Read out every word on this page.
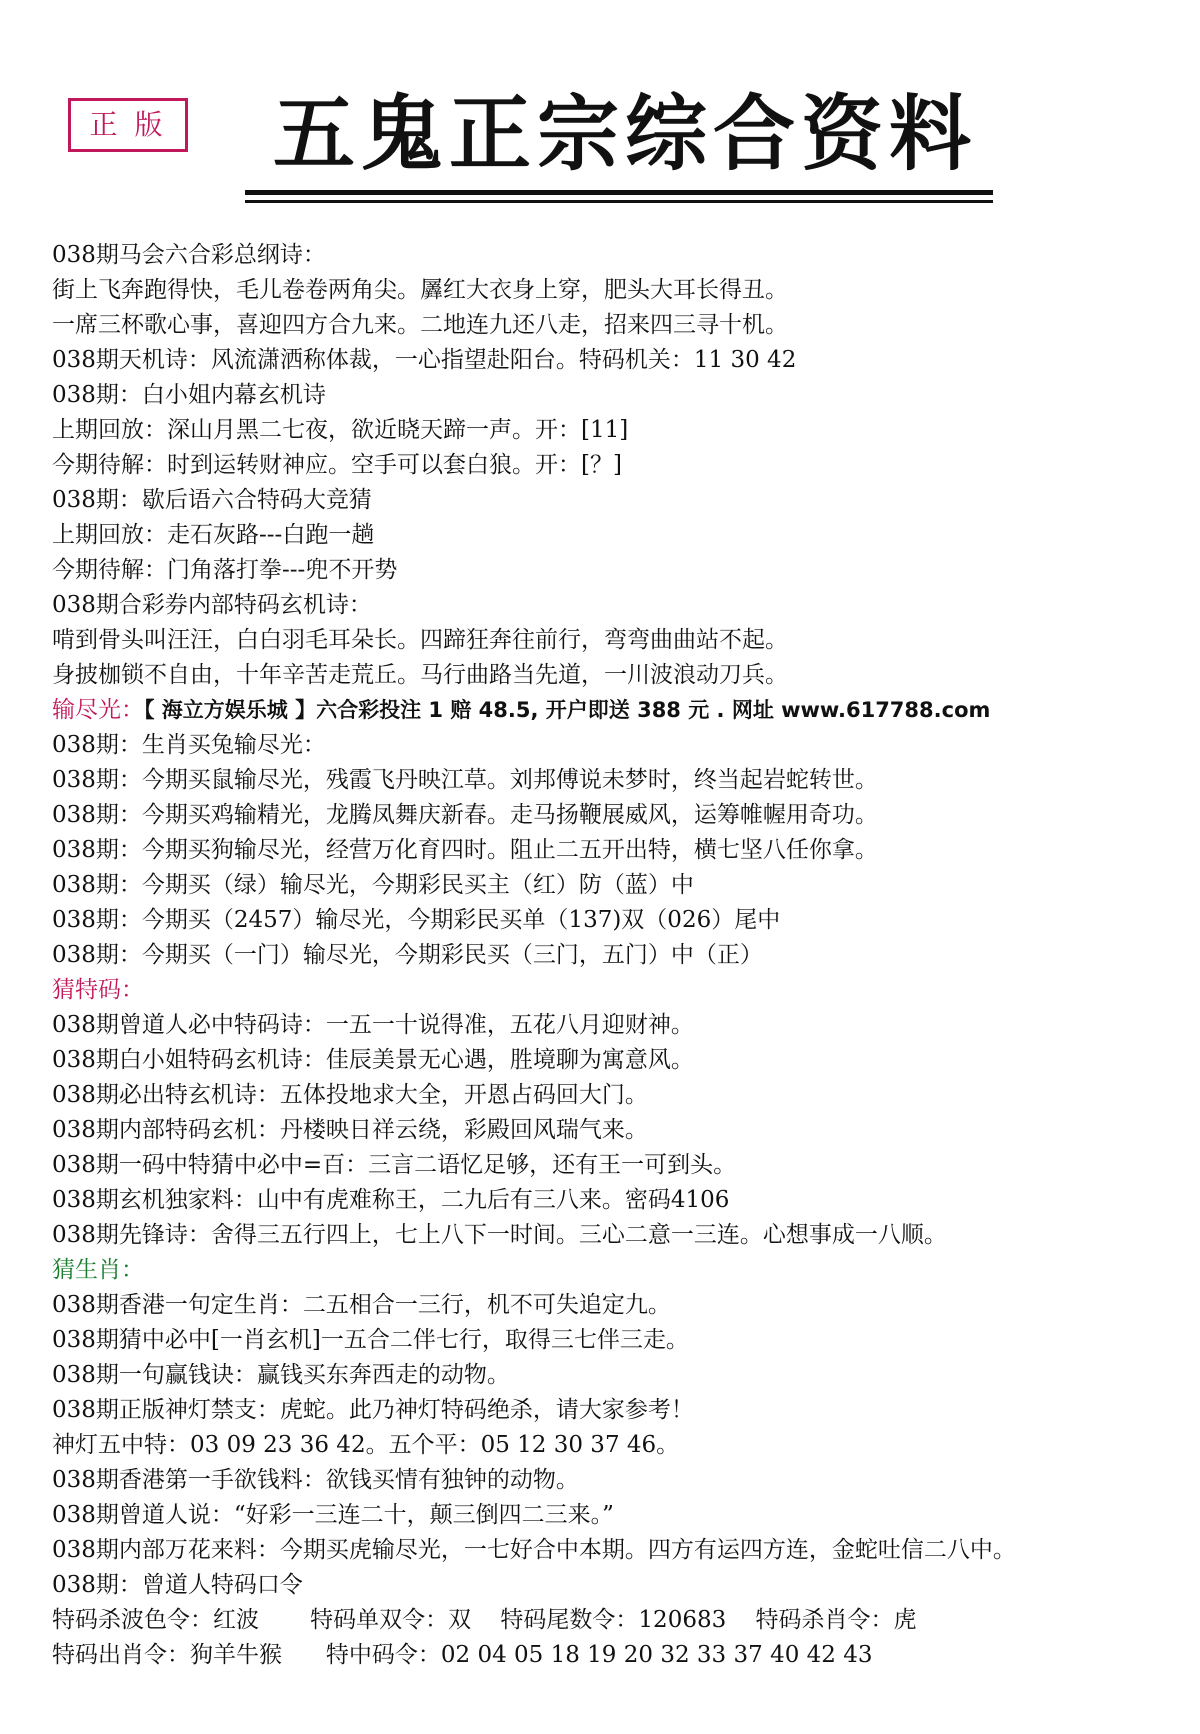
正 版 五鬼正宗综合资料
038期马会六合彩总纲诗：
街上飞奔跑得快，毛儿卷卷两角尖。羼红大衣身上穿，肥头大耳长得丑。
一席三杯歌心事，喜迎四方合九来。二地连九还八走，招来四三寻十机。
038期天机诗：风流潇洒称体裁，一心指望赴阳台。特码机关：11 30 42
038期：白小姐内幕玄机诗
上期回放：深山月黑二七夜，欲近晓天蹄一声。开：[11]
今期待解：时到运转财神应。空手可以套白狼。开：[？]
038期：歇后语六合特码大竞猜
上期回放：走石灰路---白跑一趟
今期待解：门角落打拳---兜不开势
038期合彩券内部特码玄机诗：
啃到骨头叫汪汪，白白羽毛耳朵长。四蹄狂奔往前行，弯弯曲曲站不起。
身披枷锁不自由，十年辛苦走荒丘。马行曲路当先道，一川波浪动刀兵。
输尽光：【 海立方娱乐城 】六合彩投注 1 赔 48.5, 开户即送 388 元 . 网址 www.617788.com
038期：生肖买兔输尽光：
038期：今期买鼠输尽光，残霞飞丹映江草。刘邦傅说未梦时，终当起岩蛇转世。
038期：今期买鸡输精光，龙腾凤舞庆新春。走马扬鞭展威风，运筹帷幄用奇功。
038期：今期买狗输尽光，经营万化育四时。阻止二五开出特，横七坚八任你拿。
038期：今期买（绿）输尽光，今期彩民买主（红）防（蓝）中
038期：今期买（2457）输尽光，今期彩民买单（137)双（026）尾中
038期：今期买（一门）输尽光，今期彩民买（三门，五门）中（正）
猜特码：
038期曾道人必中特码诗：一五一十说得准，五花八月迎财神。
038期白小姐特码玄机诗：佳辰美景无心遇，胜境聊为寓意风。
038期必出特玄机诗：五体投地求大全，开恩占码回大门。
038期内部特码玄机：丹楼映日祥云绕，彩殿回风瑞气来。
038期一码中特猜中必中=百：三言二语忆足够，还有王一可到头。
038期玄机独家料：山中有虎难称王，二九后有三八来。密码4106
038期先锋诗：舍得三五行四上，七上八下一时间。三心二意一三连。心想事成一八顺。
猜生肖：
038期香港一句定生肖：二五相合一三行，机不可失追定九。
038期猜中必中[一肖玄机]一五合二伴七行，取得三七伴三走。
038期一句赢钱诀：赢钱买东奔西走的动物。
038期正版神灯禁支：虎蛇。此乃神灯特码绝杀，请大家参考！
神灯五中特：03 09 23 36 42。五个平：05 12 30 37 46。
038期香港第一手欲钱料：欲钱买情有独钟的动物。
038期曾道人说：“好彩一三连二十，颠三倒四二三来。”
038期内部万花来料：今期买虎输尽光，一七好合中本期。四方有运四方连，金蛇吐信二八中。
038期：曾道人特码口令
特码杀波色令：红波       特码单双令：双    特码尾数令：120683    特码杀肖令：虎
特码出肖令：狗羊牛猴      特中码令：02 04 05 18 19 20 32 33 37 40 42 43
